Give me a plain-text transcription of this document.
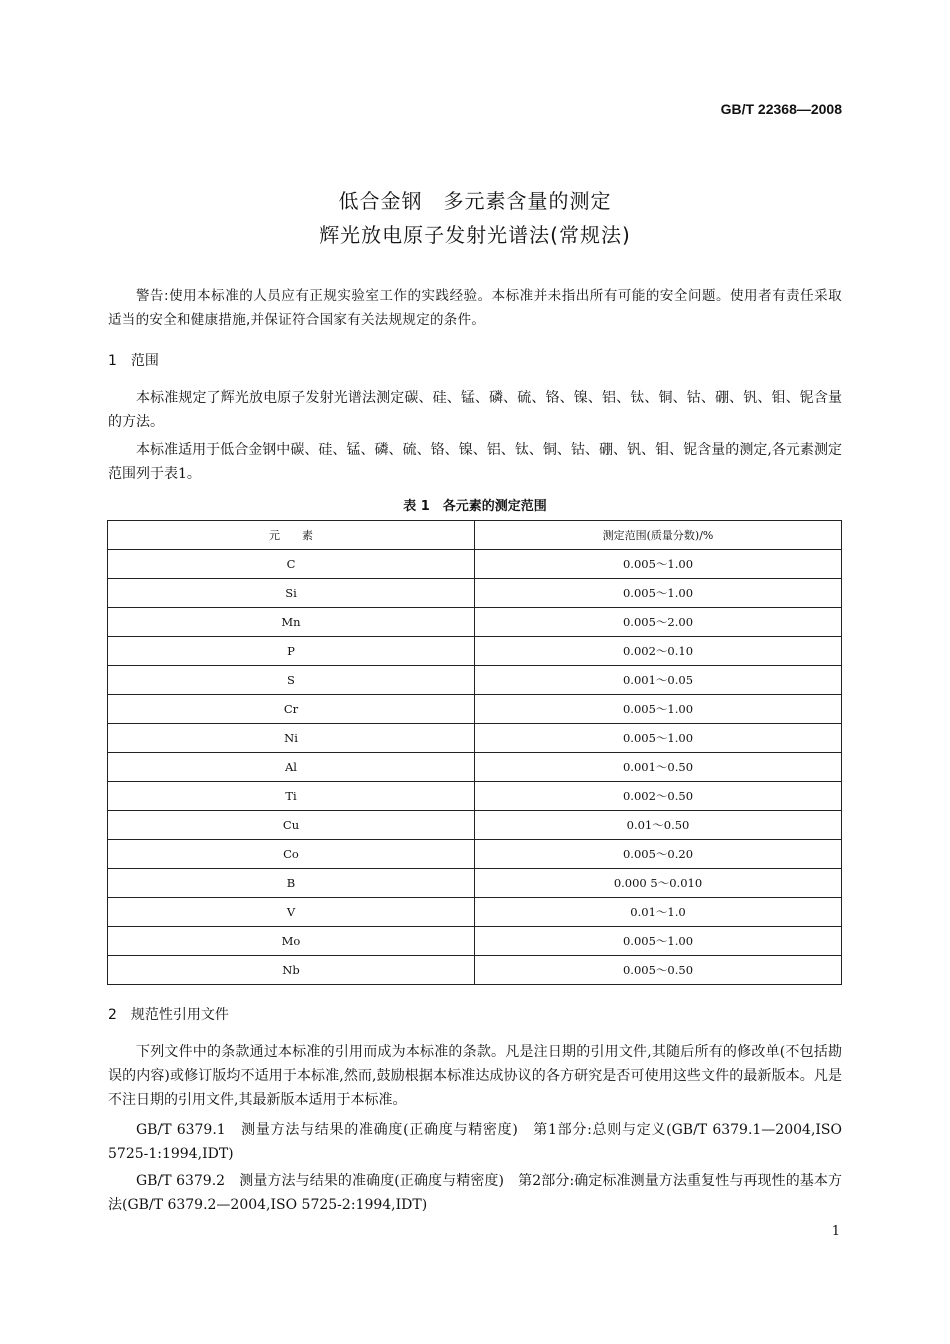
GB/T 22368—2008
低合金钢　多元素含量的测定
辉光放电原子发射光谱法(常规法)
警告:使用本标准的人员应有正规实验室工作的实践经验。本标准并未指出所有可能的安全问题。使用者有责任采取适当的安全和健康措施,并保证符合国家有关法规规定的条件。
1 范围
本标准规定了辉光放电原子发射光谱法测定碳、硅、锰、磷、硫、铬、镍、铝、钛、铜、钴、硼、钒、钼、铌含量的方法。
本标准适用于低合金钢中碳、硅、锰、磷、硫、铬、镍、铝、钛、铜、钴、硼、钒、钼、铌含量的测定,各元素测定范围列于表1。
表 1　各元素的测定范围
元　　素	测定范围(质量分数)/%
C	0.005～1.00
Si	0.005～1.00
Mn	0.005～2.00
P	0.002～0.10
S	0.001～0.05
Cr	0.005～1.00
Ni	0.005～1.00
Al	0.001～0.50
Ti	0.002～0.50
Cu	0.01～0.50
Co	0.005～0.20
B	0.000 5～0.010
V	0.01～1.0
Mo	0.005～1.00
Nb	0.005～0.50
2 规范性引用文件
下列文件中的条款通过本标准的引用而成为本标准的条款。凡是注日期的引用文件,其随后所有的修改单(不包括勘误的内容)或修订版均不适用于本标准,然而,鼓励根据本标准达成协议的各方研究是否可使用这些文件的最新版本。凡是不注日期的引用文件,其最新版本适用于本标准。
GB/T 6379.1　测量方法与结果的准确度(正确度与精密度)　第1部分:总则与定义(GB/T 6379.1—2004,ISO 5725-1:1994,IDT)
GB/T 6379.2　测量方法与结果的准确度(正确度与精密度)　第2部分:确定标准测量方法重复性与再现性的基本方法(GB/T 6379.2—2004,ISO 5725-2:1994,IDT)
1
